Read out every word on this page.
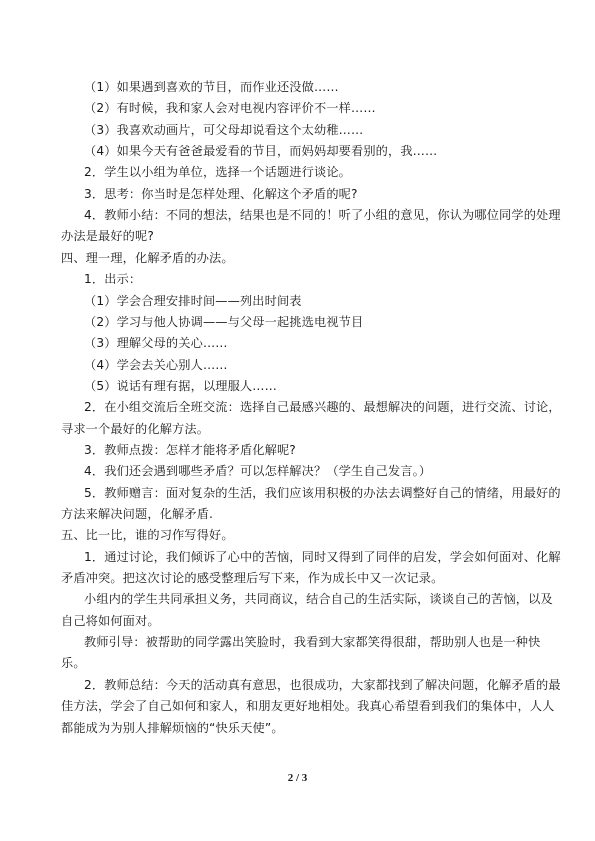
（1）如果遇到喜欢的节目，而作业还没做……
（2）有时候，我和家人会对电视内容评价不一样……
（3）我喜欢动画片，可父母却说看这个太幼稚……
（4）如果今天有爸爸最爱看的节目，而妈妈却要看别的，我……
2．学生以小组为单位，选择一个话题进行谈论。
3．思考：你当时是怎样处理、化解这个矛盾的呢?
4．教师小结：不同的想法，结果也是不同的！听了小组的意见，你认为哪位同学的处理
办法是最好的呢?
四、理一理，化解矛盾的办法。
1．出示：
（1）学会合理安排时间——列出时间表
（2）学习与他人协调——与父母一起挑选电视节目
（3）理解父母的关心……
（4）学会去关心别人……
（5）说话有理有据，以理服人……
2．在小组交流后全班交流：选择自己最感兴趣的、最想解决的问题，进行交流、讨论，
寻求一个最好的化解方法。
3．教师点拨：怎样才能将矛盾化解呢?
4．我们还会遇到哪些矛盾？可以怎样解决？（学生自己发言。）
5．教师赠言：面对复杂的生活，我们应该用积极的办法去调整好自己的情绪，用最好的
方法来解决问题，化解矛盾.
五、比一比，谁的习作写得好。
1．通过讨论，我们倾诉了心中的苦恼，同时又得到了同伴的启发，学会如何面对、化解
矛盾冲突。把这次讨论的感受整理后写下来，作为成长中又一次记录。
小组内的学生共同承担义务，共同商议，结合自己的生活实际，谈谈自己的苦恼，以及
自己将如何面对。
教师引导：被帮助的同学露出笑脸时，我看到大家都笑得很甜，帮助别人也是一种快
乐。
2．教师总结：今天的活动真有意思，也很成功，大家都找到了解决问题，化解矛盾的最
佳方法，学会了自己如何和家人，和朋友更好地相处。我真心希望看到我们的集体中，人人
都能成为为别人排解烦恼的“快乐天使”。
2 / 3
